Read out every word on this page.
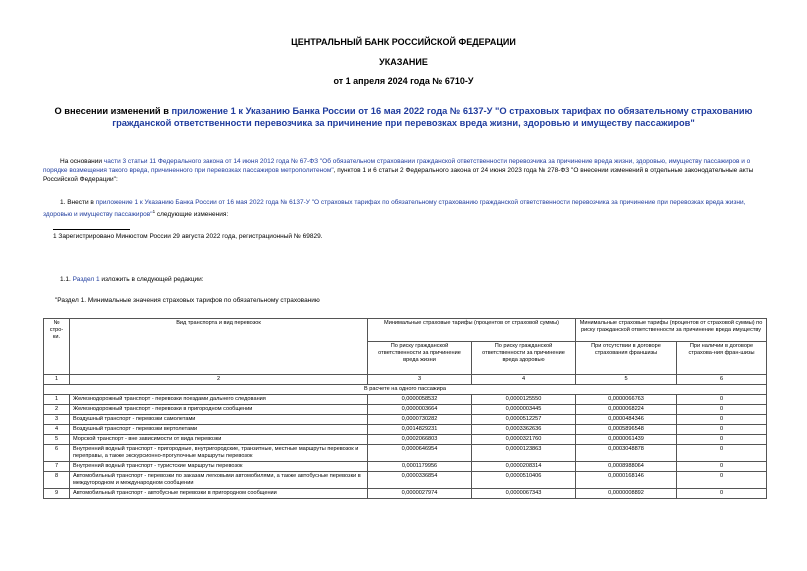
ЦЕНТРАЛЬНЫЙ БАНК РОССИЙСКОЙ ФЕДЕРАЦИИ
УКАЗАНИЕ
от 1 апреля 2024 года № 6710-У
О внесении изменений в приложение 1 к Указанию Банка России от 16 мая 2022 года № 6137-У "О страховых тарифах по обязательному страхованию гражданской ответственности перевозчика за причинение при перевозках вреда жизни, здоровью и имуществу пассажиров"
На основании части 3 статьи 11 Федерального закона от 14 июня 2012 года № 67-ФЗ "Об обязательном страховании гражданской ответственности перевозчика за причинение вреда жизни, здоровью, имуществу пассажиров и о порядке возмещения такого вреда, причиненного при перевозках пассажиров метрополитеном", пунктов 1 и 6 статьи 2 Федерального закона от 24 июня 2023 года № 278-ФЗ "О внесении изменений в отдельные законодательные акты Российской Федерации":
1. Внести в приложение 1 к Указанию Банка России от 16 мая 2022 года № 6137-У "О страховых тарифах по обязательному страхованию гражданской ответственности перевозчика за причинение при перевозках вреда жизни, здоровью и имуществу пассажиров"$^1$ следующие изменения:
1 Зарегистрировано Минюстом России 29 августа 2022 года, регистрационный № 69829.
1.1. Раздел 1 изложить в следующей редакции:
"Раздел 1. Минимальные значения страховых тарифов по обязательному страхованию
№ стро-ки.	Вид транспорта и вид перевозок	Минимальные страховые тарифы (процентов от страховой суммы)		Минимальные страховые тарифы (процентов от страховой суммы) по риску гражданской ответственности за причинение вреда имуществу	
		По риску гражданской ответственности за причинение вреда жизни	По риску гражданской ответственности за причинение вреда здоровью	При отсутствии в договоре страхования франшизы	При наличии в договоре страхова-ния фран-шизы
1	2	3	4	5	6
В расчете на одного пассажира					
1	Железнодорожный транспорт - перевозки поездами дальнего следования	0,0000058532	0,0000125550	0,0000066763	0
2	Железнодорожный транспорт - перевозки в пригородном сообщении	0,0000003664	0,0000003445	0,0000068224	0
3	Воздушный транспорт - перевозки самолетами	0,0000730282	0,0000512257	0,0000484346	0
4	Воздушный транспорт - перевозки вертолетами	0,0014829231	0,0003362636	0,0005896548	0
5	Морской транспорт - вне зависимости от вида перевозки	0,0002066803	0,0000321760	0,0000061439	0
6	Внутренний водный транспорт - пригородные, внутригородские, транзитные, местные маршруты перевозок и переправы, а также экскурсионно-прогулочные маршруты перевозок	0,0000646954	0,0000123863	0,0003048878	0
7	Внутренний водный транспорт - туристские маршруты перевозок	0,0001179956	0,0000208314	0,0008988064	0
8	Автомобильный транспорт - перевозки по заказам легковыми автомобилями, а также автобусные перевозки в междугородном и международном сообщении	0,0000336854	0,0000510406	0,0000168146	0
9	Автомобильный транспорт - автобусные перевозки в пригородном сообщении	0,0000027974	0,0000067343	0,0000008892	0
